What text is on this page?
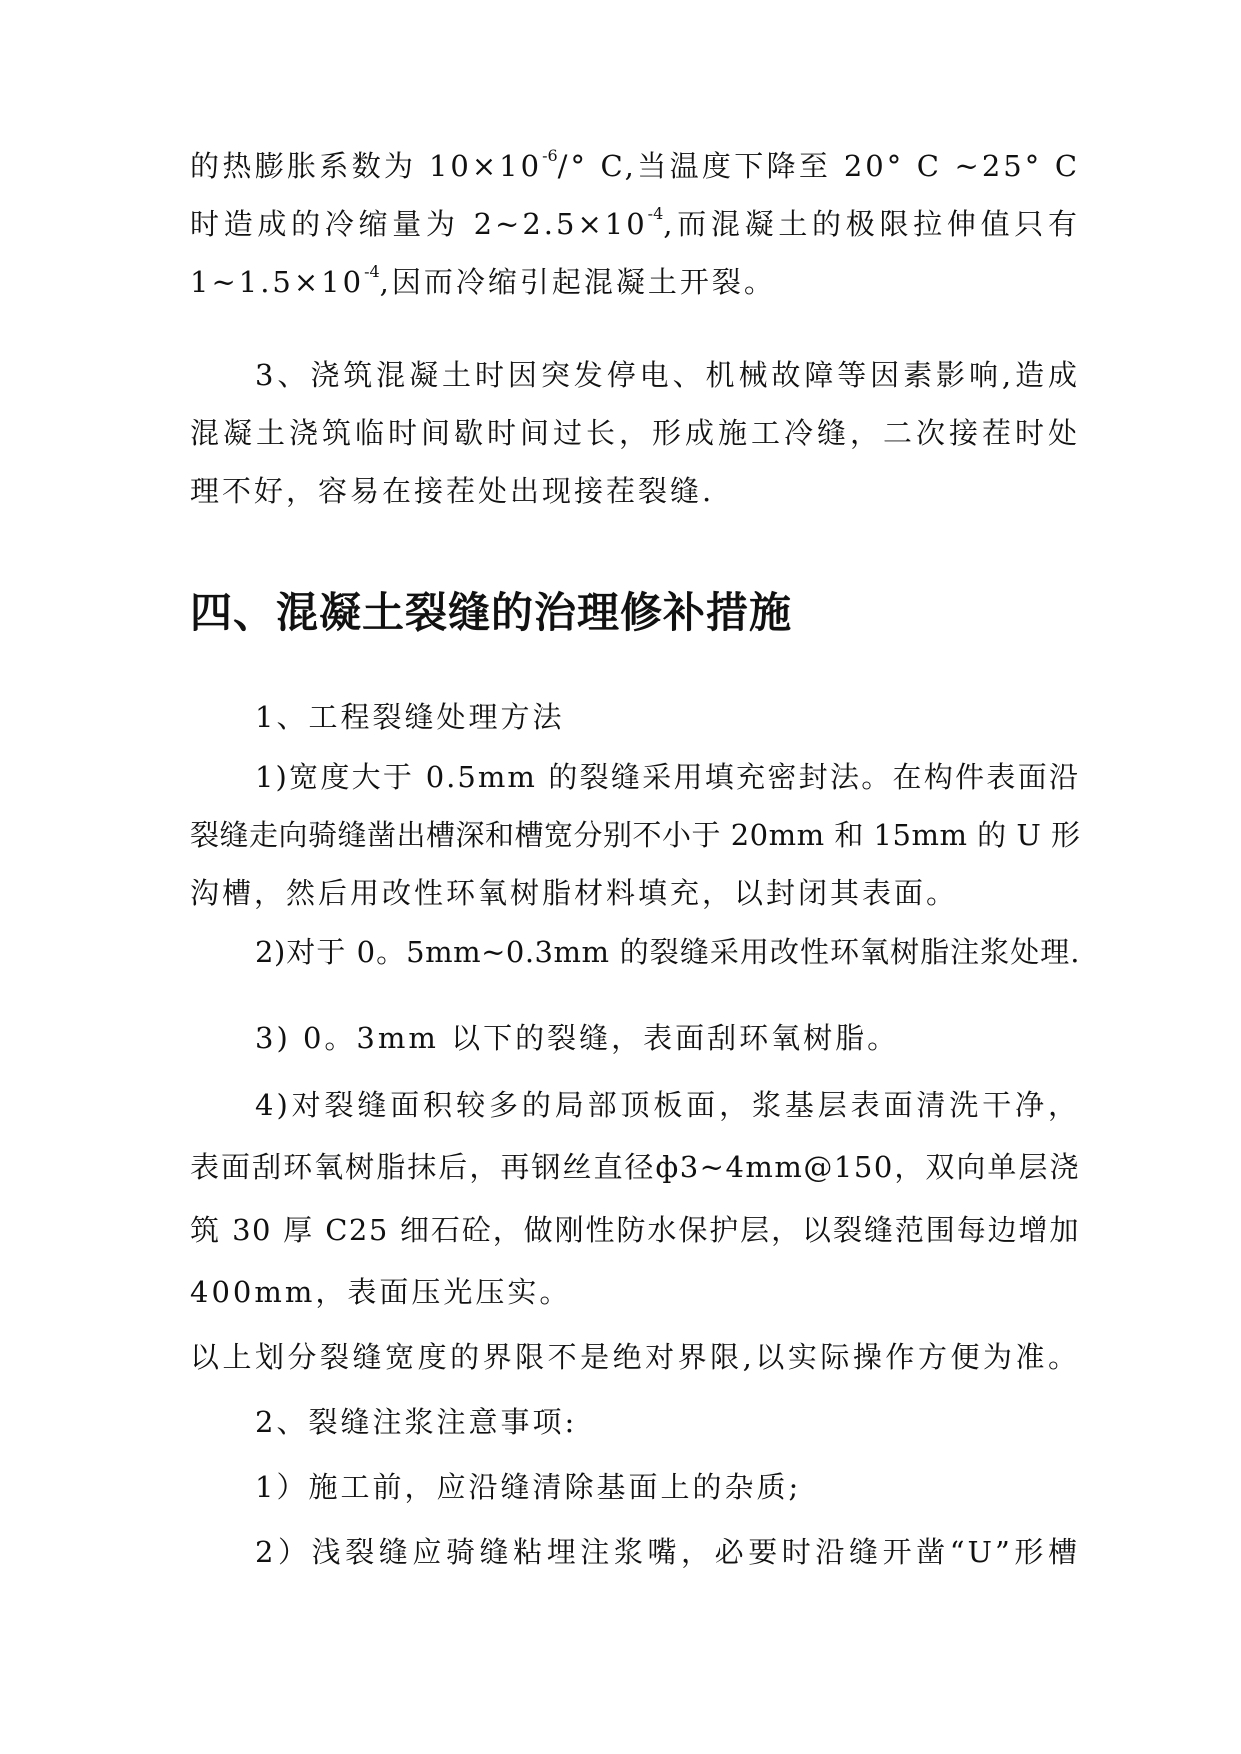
的热膨胀系数为 $10\times 10^{-6}/^\circ$ C,当温度下降至 20° C ~25° C
时造成的冷缩量为 $2\sim 2.5\times 10^{-4}$,而混凝土的极限拉伸值只有
$1\sim 1.5\times 10^{-4}$,因而冷缩引起混凝土开裂。
3、浇筑混凝土时因突发停电、机械故障等因素影响,造成
混凝土浇筑临时间歇时间过长，形成施工冷缝，二次接茬时处
理不好，容易在接茬处出现接茬裂缝.
四、混凝土裂缝的治理修补措施
1、工程裂缝处理方法
1)宽度大于 0.5mm 的裂缝采用填充密封法。在构件表面沿
裂缝走向骑缝凿出槽深和槽宽分别不小于 20mm 和 15mm 的 U 形
沟槽，然后用改性环氧树脂材料填充，以封闭其表面。
2)对于 0。5mm~0.3mm 的裂缝采用改性环氧树脂注浆处理.
3) 0。3mm 以下的裂缝，表面刮环氧树脂。
4)对裂缝面积较多的局部顶板面，浆基层表面清洗干净，
表面刮环氧树脂抹后，再钢丝直径ф3~4mm@150，双向单层浇
筑 30 厚 C25 细石砼，做刚性防水保护层，以裂缝范围每边增加
400mm，表面压光压实。
以上划分裂缝宽度的界限不是绝对界限,以实际操作方便为准。
2、裂缝注浆注意事项:
1）施工前，应沿缝清除基面上的杂质;
2）浅裂缝应骑缝粘埋注浆嘴，必要时沿缝开凿“U”形槽
